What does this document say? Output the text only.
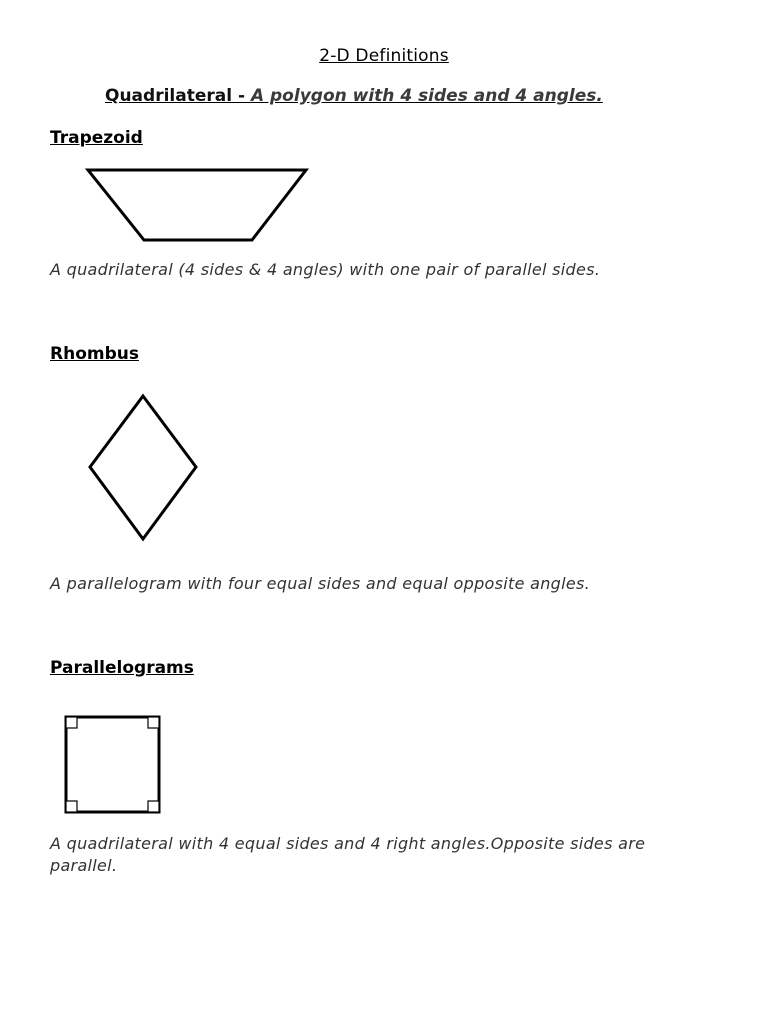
2-D Definitions
Quadrilateral - A polygon with 4 sides and 4 angles.
Trapezoid
A quadrilateral (4 sides & 4 angles) with one pair of parallel sides.
Rhombus
A parallelogram with four equal sides and equal opposite angles.
Parallelograms
A quadrilateral with 4 equal sides and 4 right angles.Opposite sides are parallel.
